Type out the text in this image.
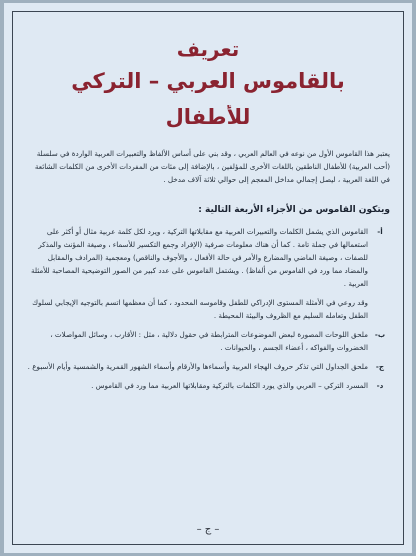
تعريف
بالقاموس العربي – التركي
للأطفال

يعتبر هذا القاموس الأول من نوعه في العالم العربي ، وقد بني على أساس الألفاظ والتعبيرات العربية الواردة في سلسلة (أحب العربية) للأطفال الناطقين باللغات الأخرى للمؤلفين ، بالإضافة إلى مئات من المفردات الأخرى من الكلمات الشائعة في اللغة العربية ، ليصل إجمالي مداخل المعجم إلى حوالي ثلاثة آلاف مدخل .

ويتكون القاموس من الأجزاء الأربعة التالية :
أ-

القاموس الذي يشمل الكلمات والتعبيرات العربية مع مقابلاتها التركية ، ويرد لكل كلمة عربية مثال أو أكثر على استعمالها في جملة تامة . كما أن هناك معلومات صرفية (الإفراد وجمع التكسير للأسماء ، وصيغة المؤنث والمذكر للصفات ، وصيغة الماضي والمضارع والأمر في حالة الأفعال ، والأجوف والناقص) ومعجمية (المرادف والمقابل والمضاد مما ورد في القاموس من ألفاظ) . ويشتمل القاموس على عدد كبير من الصور التوضيحية المصاحبة للأمثلة العربية .

وقد روعي في الأمثلة المستوى الإدراكي للطفل وقاموسه المحدود ، كما أن معظمها اتسم بالتوجيه الإيجابي لسلوك الطفل وتعامله السليم مع الظروف والبيئة المحيطة .

ب-

ملحق اللوحات المصورة لبعض الموضوعات المترابطة في حقول دلالية ، مثل : الأقارب ، وسائل المواصلات ، الخضروات والفواكه ، أعضاء الجسم ، والحيوانات .

ج-

ملحق الجداول التي تذكر حروف الهجاء العربية وأسماءها والأرقام وأسماء الشهور القمرية والشمسية وأيام الأسبوع .

د-

المسرد التركي – العربي والذي يورد الكلمات بالتركية ومقابلاتها العربية مما ورد في القاموس .

– ج –
